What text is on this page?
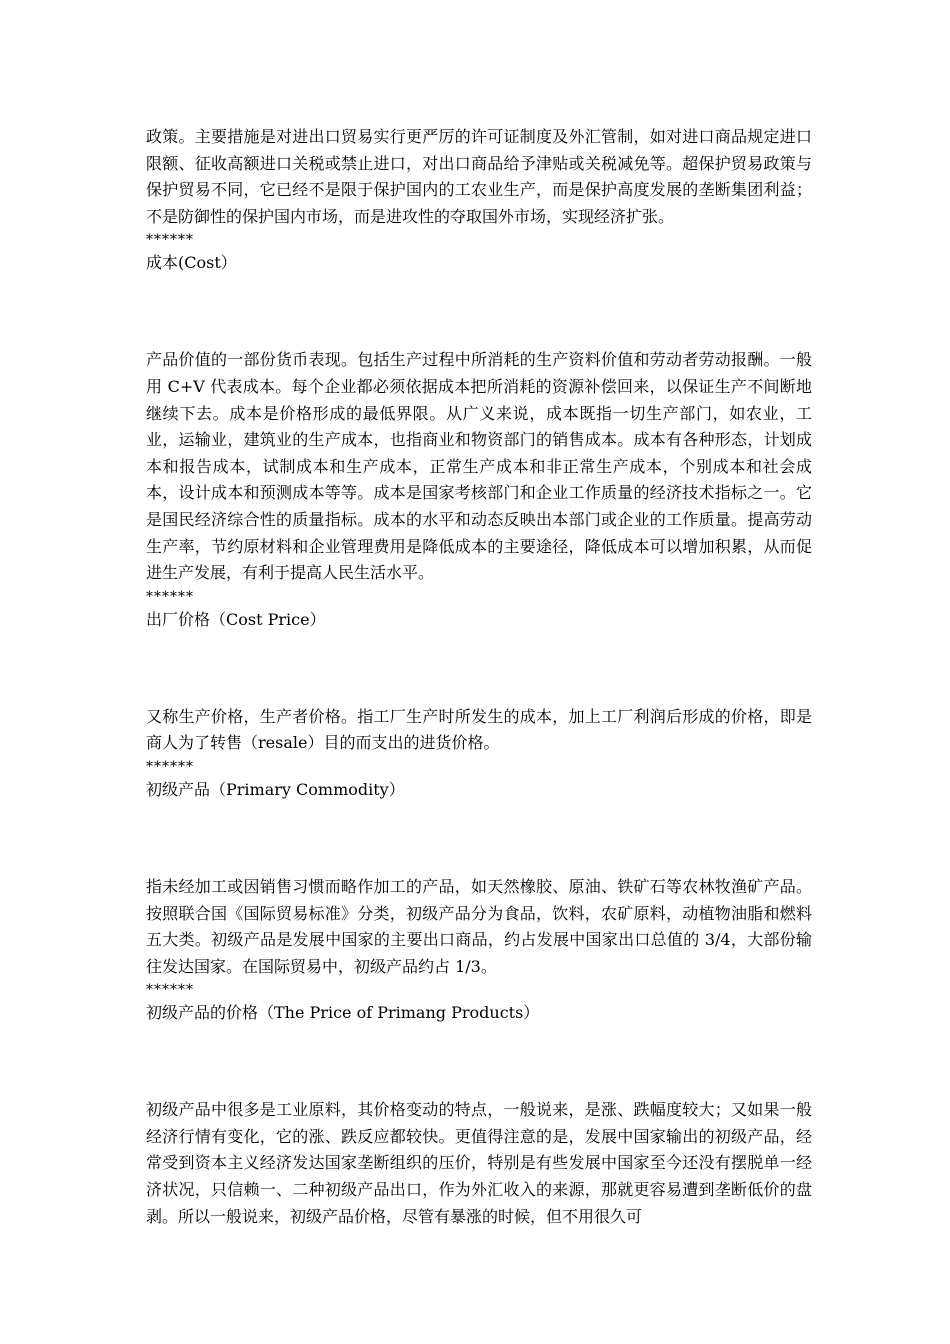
政策。主要措施是对进出口贸易实行更严厉的许可证制度及外汇管制，如对进口商品规定进口限额、征收高额进口关税或禁止进口，对出口商品给予津贴或关税减免等。超保护贸易政策与保护贸易不同，它已经不是限于保护国内的工农业生产，而是保护高度发展的垄断集团利益；不是防御性的保护国内市场，而是进攻性的夺取国外市场，实现经济扩张。

******

成本(Cost）

产品价值的一部份货币表现。包括生产过程中所消耗的生产资料价值和劳动者劳动报酬。一般用 C+V 代表成本。每个企业都必须依据成本把所消耗的资源补偿回来，以保证生产不间断地继续下去。成本是价格形成的最低界限。从广义来说，成本既指一切生产部门，如农业，工业，运输业，建筑业的生产成本，也指商业和物资部门的销售成本。成本有各种形态，计划成本和报告成本，试制成本和生产成本，正常生产成本和非正常生产成本，个别成本和社会成本，设计成本和预测成本等等。成本是国家考核部门和企业工作质量的经济技术指标之一。它是国民经济综合性的质量指标。成本的水平和动态反映出本部门或企业的工作质量。提高劳动生产率，节约原材料和企业管理费用是降低成本的主要途径，降低成本可以增加积累，从而促进生产发展，有利于提高人民生活水平。

******

出厂价格（Cost Price）

又称生产价格，生产者价格。指工厂生产时所发生的成本，加上工厂利润后形成的价格，即是商人为了转售（resale）目的而支出的进货价格。

******

初级产品（Primary Commodity）

指未经加工或因销售习惯而略作加工的产品，如天然橡胶、原油、铁矿石等农林牧渔矿产品。按照联合国《国际贸易标准》分类，初级产品分为食品，饮料，农矿原料，动植物油脂和燃料五大类。初级产品是发展中国家的主要出口商品，约占发展中国家出口总值的 3/4，大部份输往发达国家。在国际贸易中，初级产品约占 1/3。

******

初级产品的价格（The Price of Primang Products）

初级产品中很多是工业原料，其价格变动的特点，一般说来，是涨、跌幅度较大；又如果一般经济行情有变化，它的涨、跌反应都较快。更值得注意的是，发展中国家输出的初级产品，经常受到资本主义经济发达国家垄断组织的压价，特别是有些发展中国家至今还没有摆脱单一经济状况，只信赖一、二种初级产品出口，作为外汇收入的来源，那就更容易遭到垄断低价的盘剥。所以一般说来，初级产品价格，尽管有暴涨的时候，但不用很久可
